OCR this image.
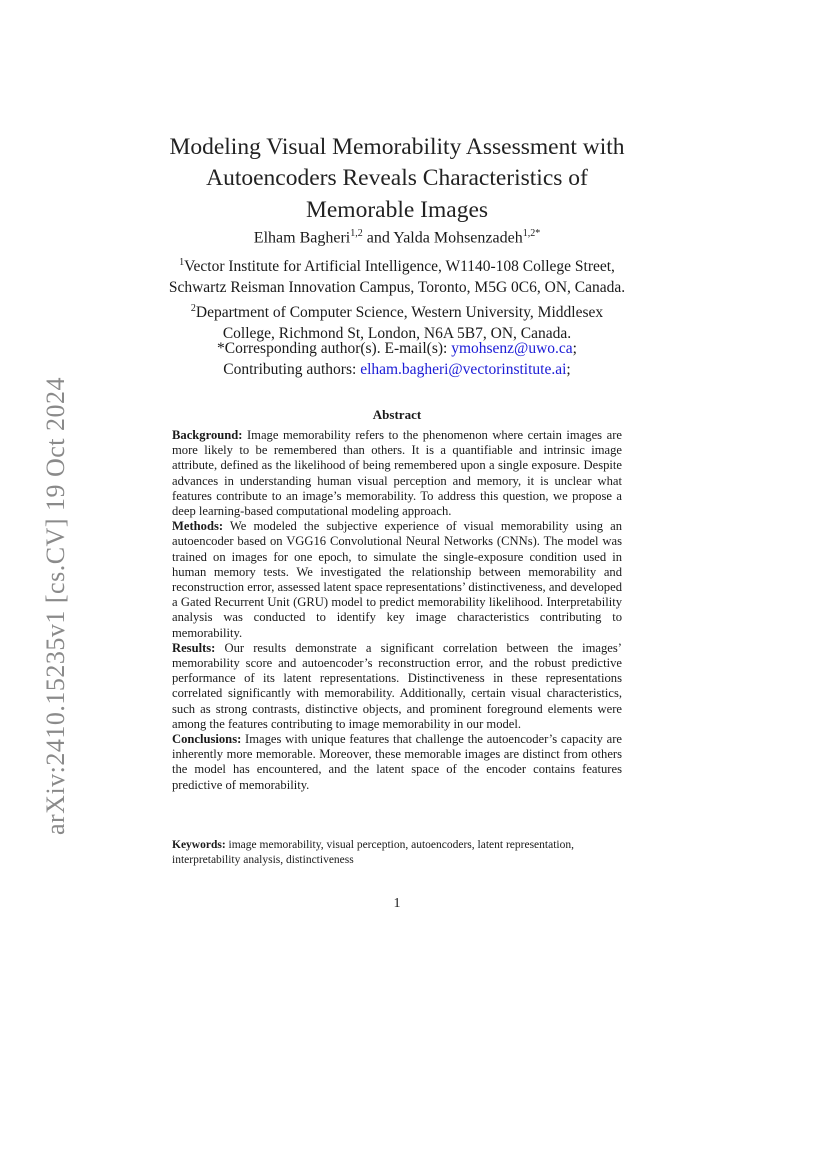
arXiv:2410.15235v1 [cs.CV] 19 Oct 2024
Modeling Visual Memorability Assessment with
Autoencoders Reveals Characteristics of
Memorable Images
Elham Bagheri$^{1,2}$ and Yalda Mohsenzadeh$^{1,2*}$
$^1$Vector Institute for Artificial Intelligence, W1140-108 College Street,
Schwartz Reisman Innovation Campus, Toronto, M5G 0C6, ON, Canada.
$^2$Department of Computer Science, Western University, Middlesex
College, Richmond St, London, N6A 5B7, ON, Canada.
*Corresponding author(s). E-mail(s): ymohsenz@uwo.ca;
Contributing authors: elham.bagheri@vectorinstitute.ai;
Abstract

Background: Image memorability refers to the phenomenon where certain images are more likely to be remembered than others. It is a quantifiable and intrinsic image attribute, defined as the likelihood of being remembered upon a single exposure. Despite advances in understanding human visual perception and memory, it is unclear what features contribute to an image’s memorability. To address this question, we propose a deep learning-based computational modeling approach.

Methods: We modeled the subjective experience of visual memorability using an autoencoder based on VGG16 Convolutional Neural Networks (CNNs). The model was trained on images for one epoch, to simulate the single-exposure condition used in human memory tests. We investigated the relationship between memorability and reconstruction error, assessed latent space representations’ distinctiveness, and developed a Gated Recurrent Unit (GRU) model to predict memorability likelihood. Interpretability analysis was conducted to identify key image characteristics contributing to memorability.

Results: Our results demonstrate a significant correlation between the images’ memorability score and autoencoder’s reconstruction error, and the robust predictive performance of its latent representations. Distinctiveness in these representations correlated significantly with memorability. Additionally, certain visual characteristics, such as strong contrasts, distinctive objects, and prominent foreground elements were among the features contributing to image memorability in our model.

Conclusions: Images with unique features that challenge the autoencoder’s capacity are inherently more memorable. Moreover, these memorable images are distinct from others the model has encountered, and the latent space of the encoder contains features predictive of memorability.

Keywords: image memorability, visual perception, autoencoders, latent representation, interpretability analysis, distinctiveness
1
